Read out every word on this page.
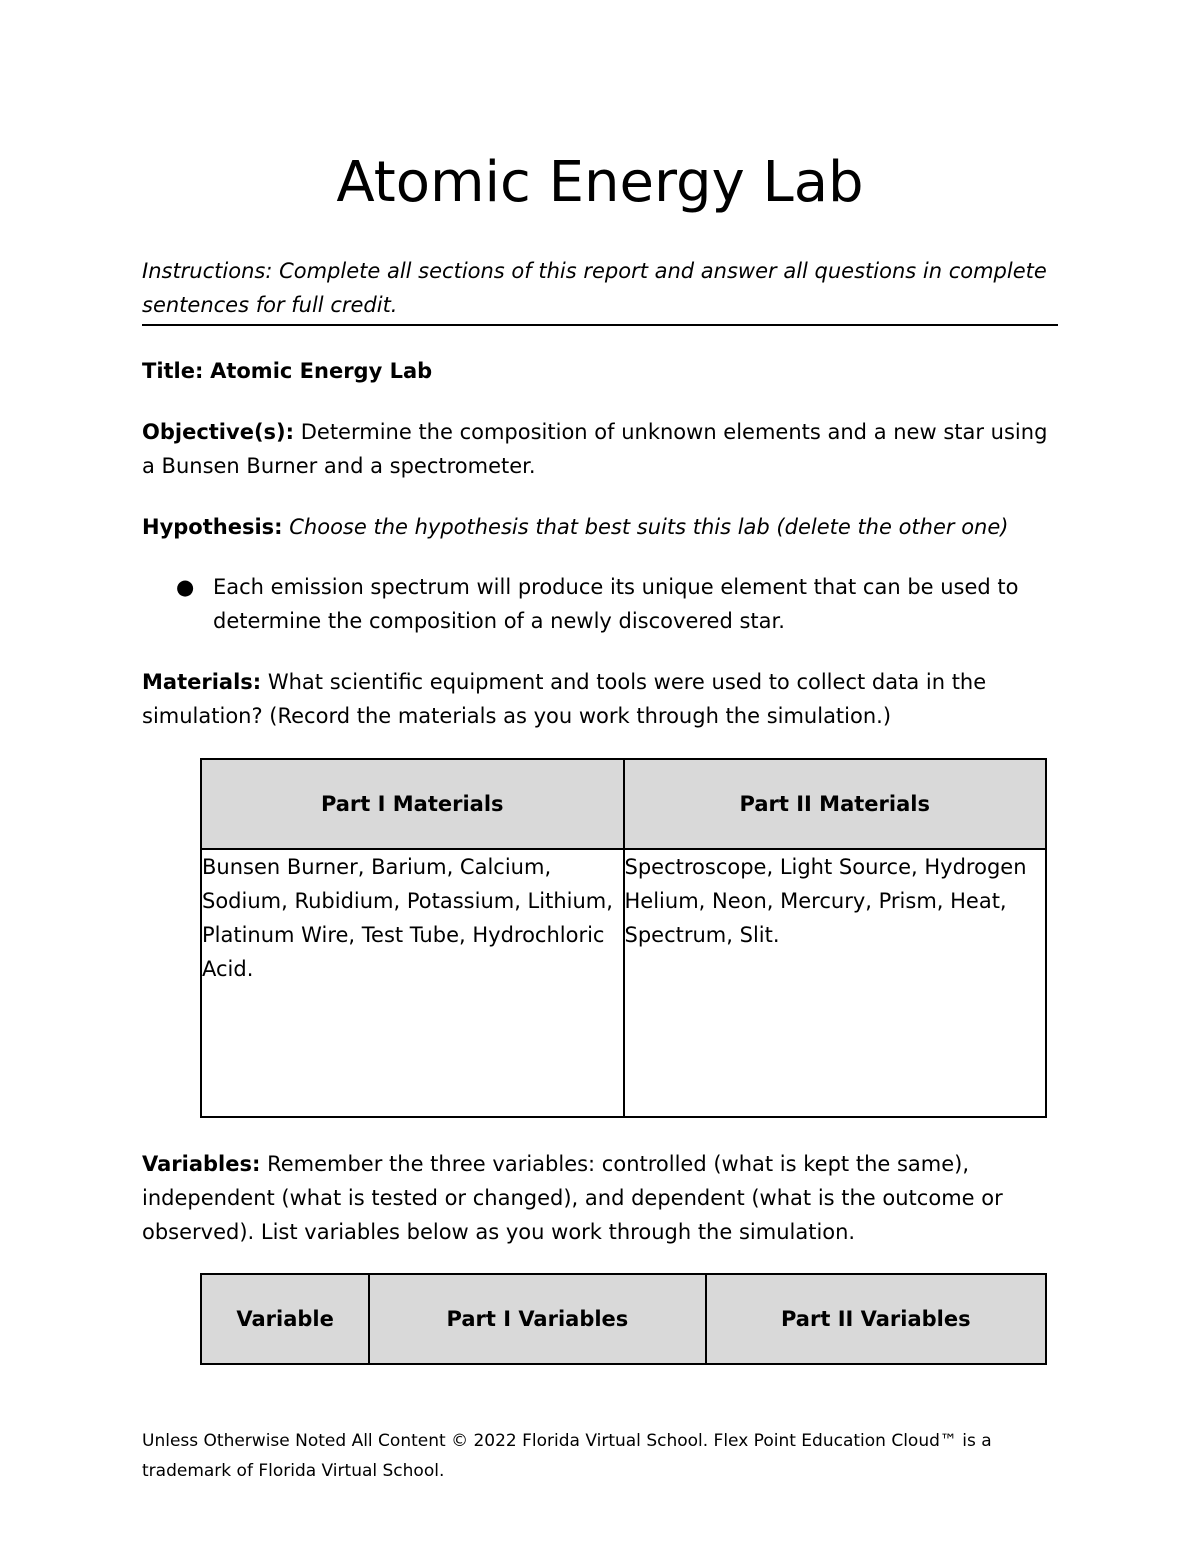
Atomic Energy Lab

Instructions: Complete all sections of this report and answer all questions in complete sentences for full credit.

Title: Atomic Energy Lab

Objective(s): Determine the composition of unknown elements and a new star using a Bunsen Burner and a spectrometer.

Hypothesis: Choose the hypothesis that best suits this lab (delete the other one)

● Each emission spectrum will produce its unique element that can be used to determine the composition of a newly discovered star.

Materials: What scientific equipment and tools were used to collect data in the simulation? (Record the materials as you work through the simulation.)

Part I Materials	Part II Materials
Bunsen Burner, Barium, Calcium, Sodium, Rubidium, Potassium, Lithium, Platinum Wire, Test Tube, Hydrochloric Acid.	Spectroscope, Light Source, Hydrogen Helium, Neon, Mercury, Prism, Heat, Spectrum, Slit.

Variables: Remember the three variables: controlled (what is kept the same), independent (what is tested or changed), and dependent (what is the outcome or observed). List variables below as you work through the simulation.

Variable	Part I Variables	Part II Variables

Unless Otherwise Noted All Content © 2022 Florida Virtual School. Flex Point Education Cloud™ is a trademark of Florida Virtual School.
